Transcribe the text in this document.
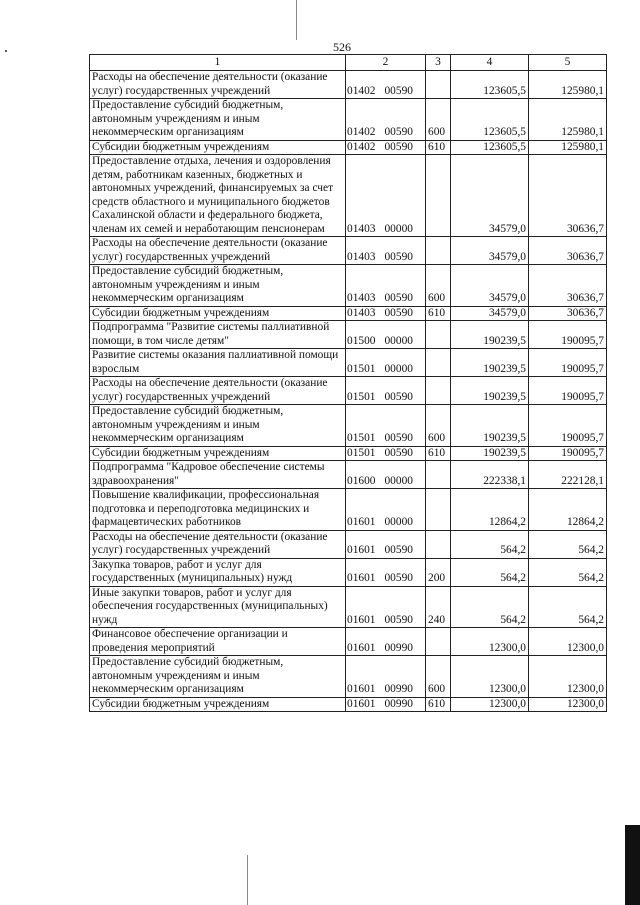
526
1	2	3	4	5
Расходы на обеспечение деятельности (оказание услуг) государственных учреждений	01402 00590		123605,5	125980,1
Предоставление субсидий бюджетным, автономным учреждениям и иным некоммерческим организациям	01402 00590	600	123605,5	125980,1
Субсидии бюджетным учреждениям	01402 00590	610	123605,5	125980,1
Предоставление отдыха, лечения и оздоровления детям, работникам казенных, бюджетных и автономных учреждений, финансируемых за счет средств областного и муниципального бюджетов Сахалинской области и федерального бюджета, членам их семей и неработающим пенсионерам	01403 00000		34579,0	30636,7
Расходы на обеспечение деятельности (оказание услуг) государственных учреждений	01403 00590		34579,0	30636,7
Предоставление субсидий бюджетным, автономным учреждениям и иным некоммерческим организациям	01403 00590	600	34579,0	30636,7
Субсидии бюджетным учреждениям	01403 00590	610	34579,0	30636,7
Подпрограмма "Развитие системы паллиативной помощи, в том числе детям"	01500 00000		190239,5	190095,7
Развитие системы оказания паллиативной помощи взрослым	01501 00000		190239,5	190095,7
Расходы на обеспечение деятельности (оказание услуг) государственных учреждений	01501 00590		190239,5	190095,7
Предоставление субсидий бюджетным, автономным учреждениям и иным некоммерческим организациям	01501 00590	600	190239,5	190095,7
Субсидии бюджетным учреждениям	01501 00590	610	190239,5	190095,7
Подпрограмма "Кадровое обеспечение системы здравоохранения"	01600 00000		222338,1	222128,1
Повышение квалификации, профессиональная подготовка и переподготовка медицинских и фармацевтических работников	01601 00000		12864,2	12864,2
Расходы на обеспечение деятельности (оказание услуг) государственных учреждений	01601 00590		564,2	564,2
Закупка товаров, работ и услуг для государственных (муниципальных) нужд	01601 00590	200	564,2	564,2
Иные закупки товаров, работ и услуг для обеспечения государственных (муниципальных) нужд	01601 00590	240	564,2	564,2
Финансовое обеспечение организации и проведения мероприятий	01601 00990		12300,0	12300,0
Предоставление субсидий бюджетным, автономным учреждениям и иным некоммерческим организациям	01601 00990	600	12300,0	12300,0
Субсидии бюджетным учреждениям	01601 00990	610	12300,0	12300,0
